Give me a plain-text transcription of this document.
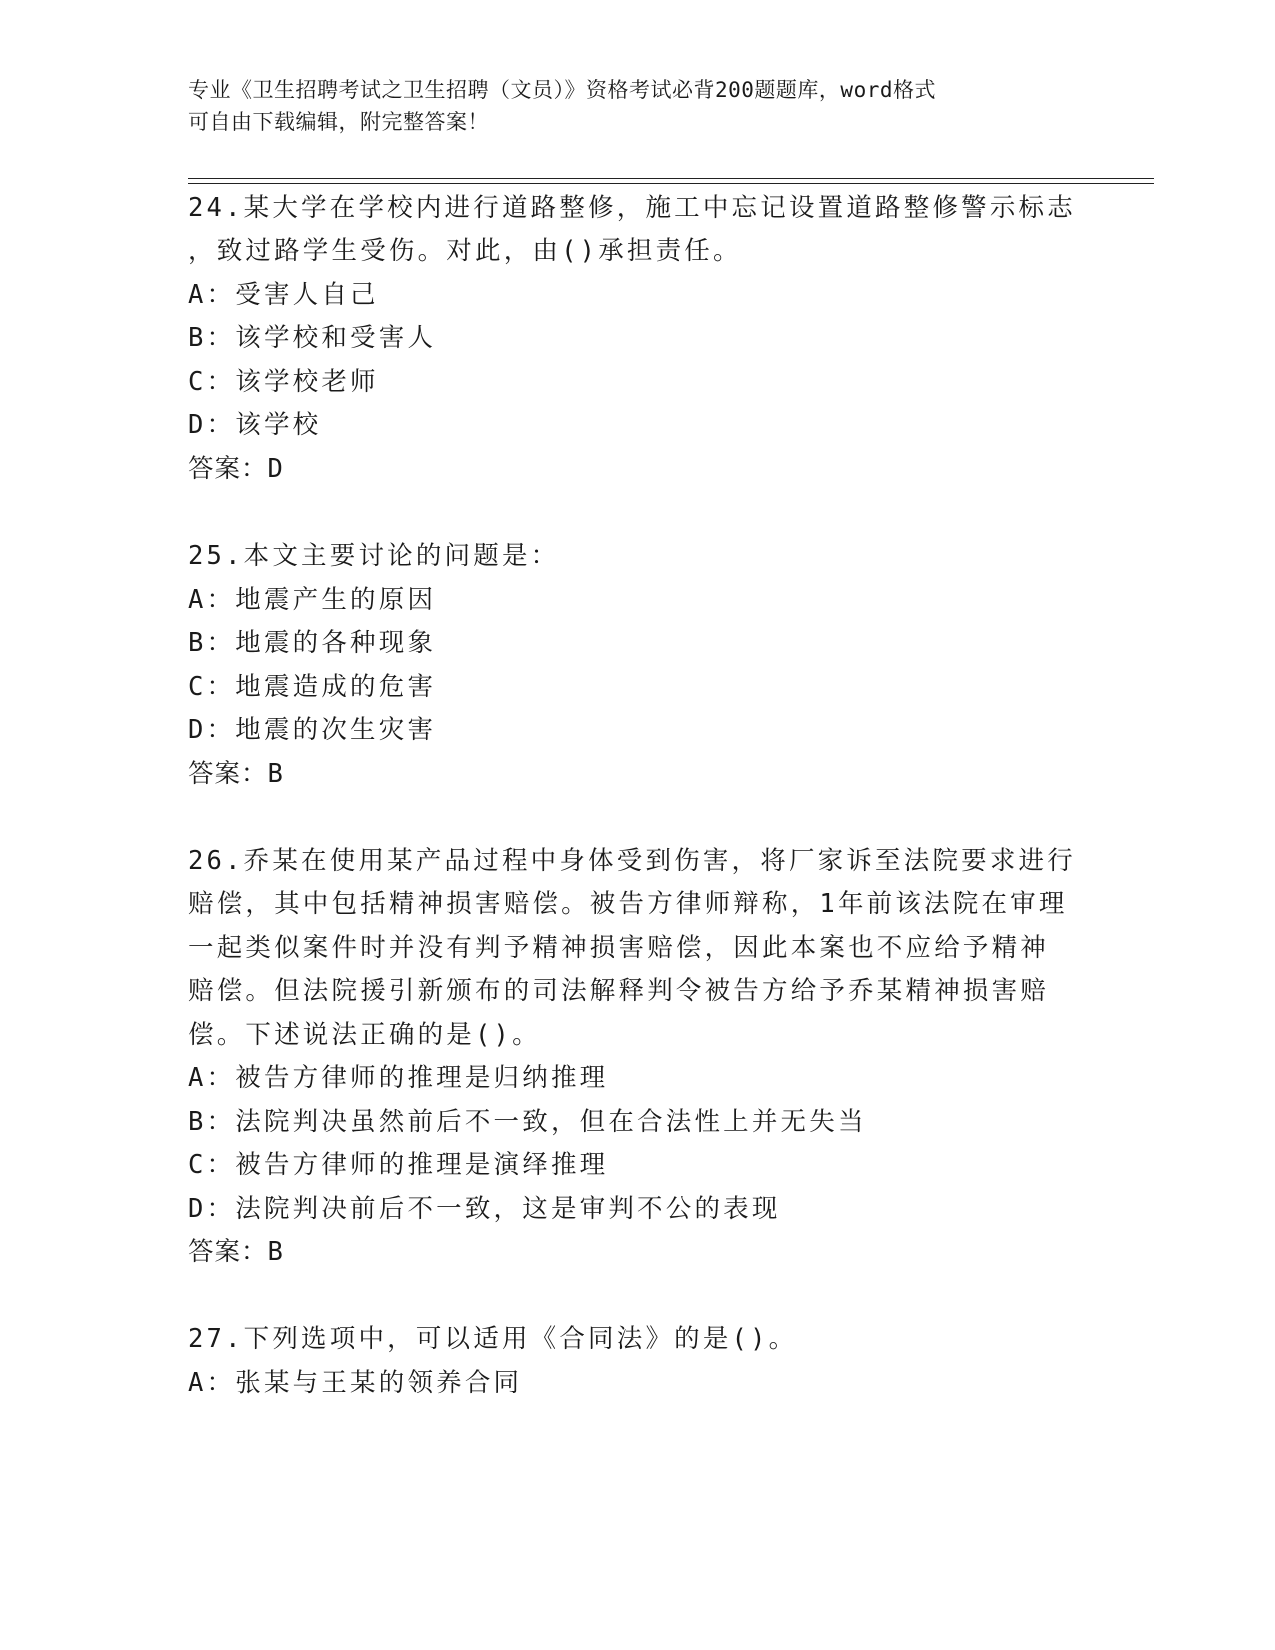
专业《卫生招聘考试之卫生招聘（文员）》资格考试必背200题题库，word格式
可自由下载编辑，附完整答案！
24.某大学在学校内进行道路整修，施工中忘记设置道路整修警示标志
，致过路学生受伤。对此，由()承担责任。
A：受害人自己
B：该学校和受害人
C：该学校老师
D：该学校
答案：D
25.本文主要讨论的问题是：
A：地震产生的原因
B：地震的各种现象
C：地震造成的危害
D：地震的次生灾害
答案：B
26.乔某在使用某产品过程中身体受到伤害，将厂家诉至法院要求进行
赔偿，其中包括精神损害赔偿。被告方律师辩称，1年前该法院在审理
一起类似案件时并没有判予精神损害赔偿，因此本案也不应给予精神
赔偿。但法院援引新颁布的司法解释判令被告方给予乔某精神损害赔
偿。下述说法正确的是()。
A：被告方律师的推理是归纳推理
B：法院判决虽然前后不一致，但在合法性上并无失当
C：被告方律师的推理是演绎推理
D：法院判决前后不一致，这是审判不公的表现
答案：B
27.下列选项中，可以适用《合同法》的是()。
A：张某与王某的领养合同
